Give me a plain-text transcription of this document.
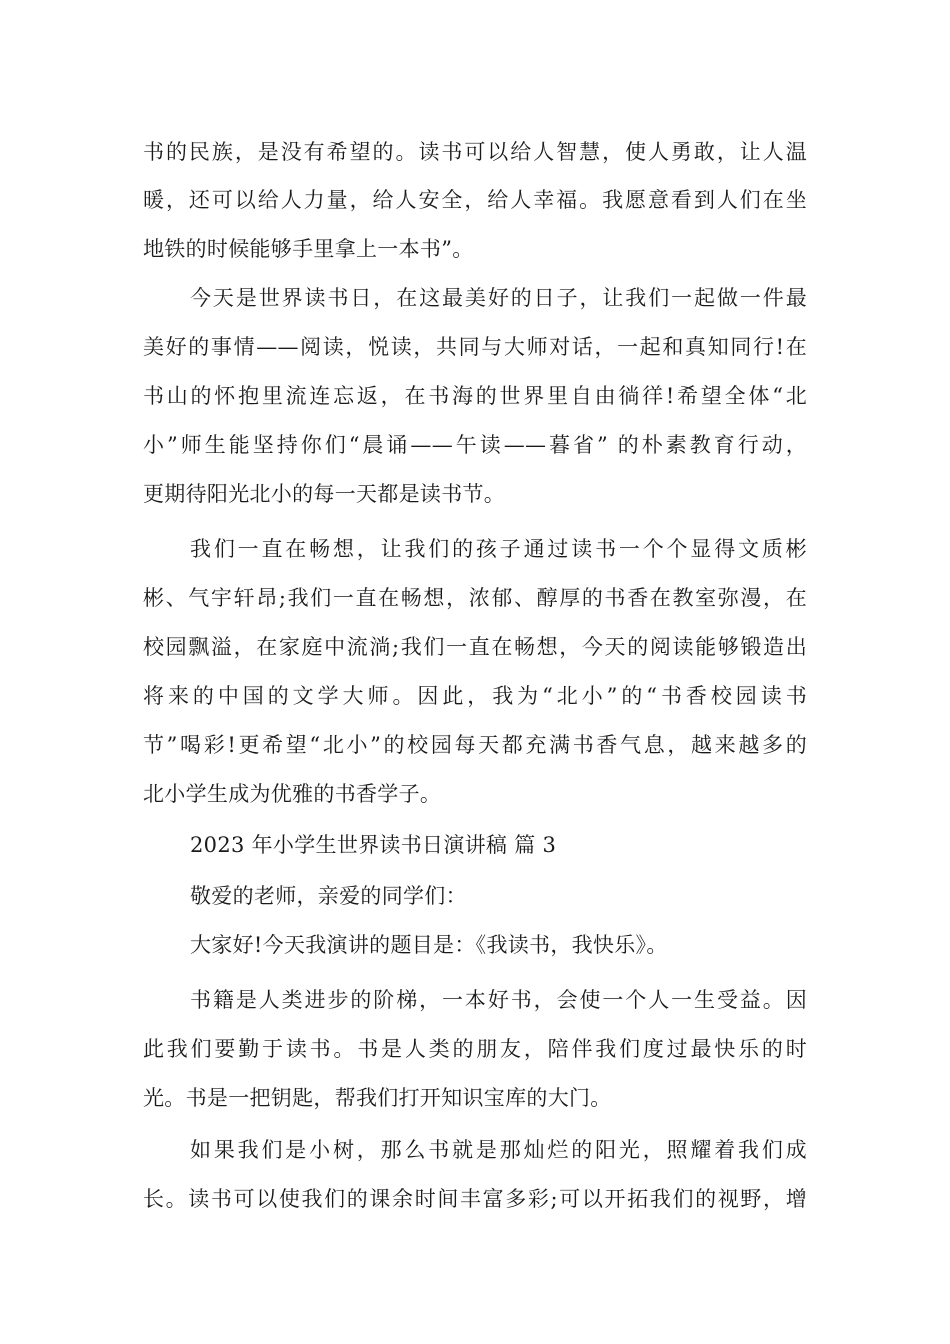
书的民族，是没有希望的。读书可以给人智慧，使人勇敢，让人温
暖，还可以给人力量，给人安全，给人幸福。我愿意看到人们在坐
地铁的时候能够手里拿上一本书”。
今天是世界读书日，在这最美好的日子，让我们一起做一件最
美好的事情——阅读，悦读，共同与大师对话，一起和真知同行!在
书山的怀抱里流连忘返，在书海的世界里自由徜徉!希望全体“北
小”师生能坚持你们“晨诵——午读——暮省” 的朴素教育行动，
更期待阳光北小的每一天都是读书节。
我们一直在畅想，让我们的孩子通过读书一个个显得文质彬
彬、气宇轩昂;我们一直在畅想，浓郁、醇厚的书香在教室弥漫，在
校园飘溢，在家庭中流淌;我们一直在畅想，今天的阅读能够锻造出
将来的中国的文学大师。因此，我为“北小”的“书香校园读书
节”喝彩!更希望“北小”的校园每天都充满书香气息，越来越多的
北小学生成为优雅的书香学子。
2023 年小学生世界读书日演讲稿 篇 3
敬爱的老师，亲爱的同学们：
大家好!今天我演讲的题目是：《我读书，我快乐》。
书籍是人类进步的阶梯，一本好书，会使一个人一生受益。因
此我们要勤于读书。书是人类的朋友，陪伴我们度过最快乐的时
光。书是一把钥匙，帮我们打开知识宝库的大门。
如果我们是小树，那么书就是那灿烂的阳光，照耀着我们成
长。读书可以使我们的课余时间丰富多彩;可以开拓我们的视野，增
